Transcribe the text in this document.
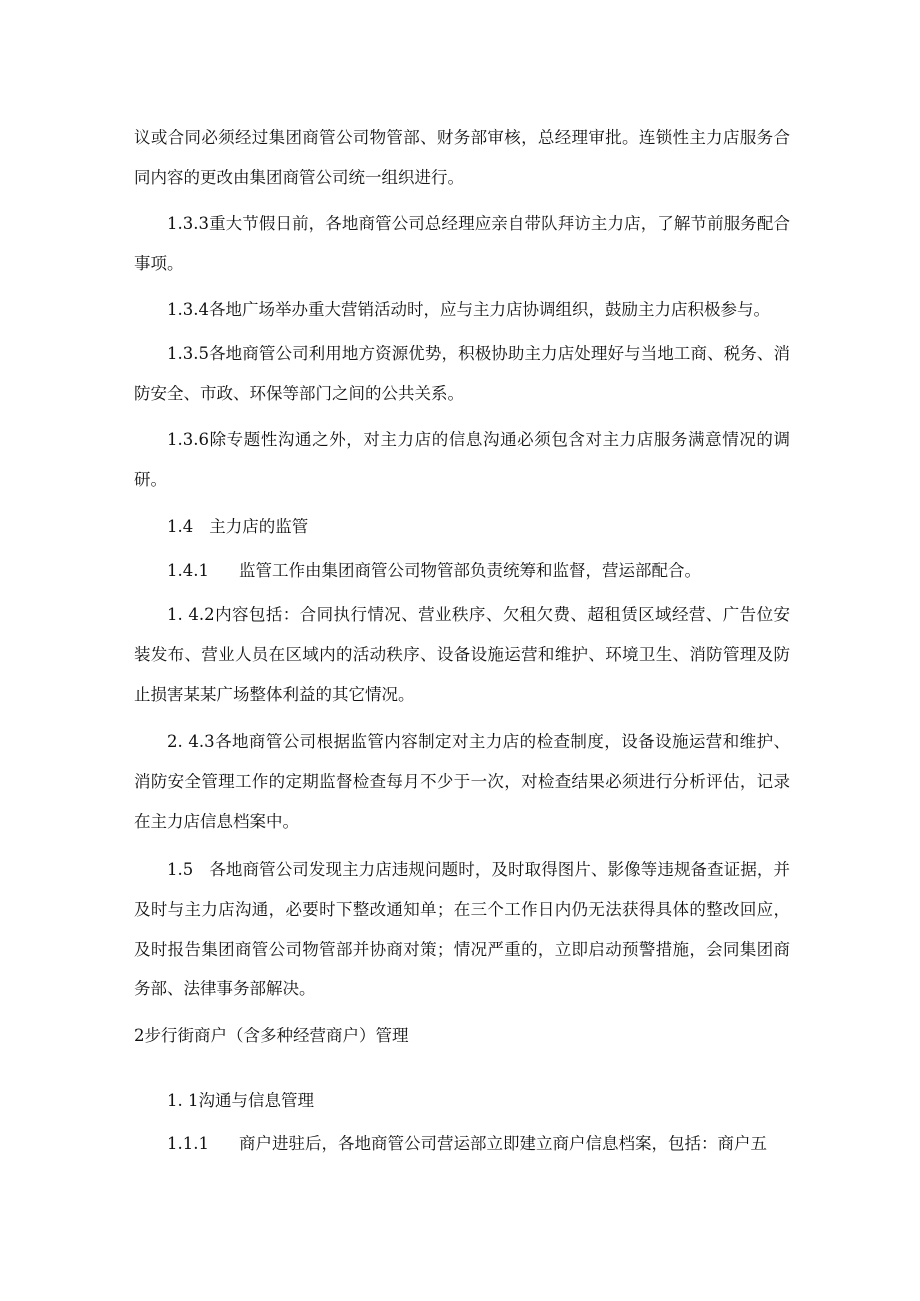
议或合同必须经过集团商管公司物管部、财务部审核，总经理审批。连锁性主力店服务合同内容的更改由集团商管公司统一组织进行。

1.3.3重大节假日前，各地商管公司总经理应亲自带队拜访主力店，了解节前服务配合事项。

1.3.4各地广场举办重大营销活动时，应与主力店协调组织，鼓励主力店积极参与。

1.3.5各地商管公司利用地方资源优势，积极协助主力店处理好与当地工商、税务、消防安全、市政、环保等部门之间的公共关系。

1.3.6除专题性沟通之外，对主力店的信息沟通必须包含对主力店服务满意情况的调研。

1.4 主力店的监管

1.4.1 监管工作由集团商管公司物管部负责统筹和监督，营运部配合。

1. 4.2内容包括：合同执行情况、营业秩序、欠租欠费、超租赁区域经营、广告位安装发布、营业人员在区域内的活动秩序、设备设施运营和维护、环境卫生、消防管理及防止损害某某广场整体利益的其它情况。

2. 4.3各地商管公司根据监管内容制定对主力店的检查制度，设备设施运营和维护、消防安全管理工作的定期监督检查每月不少于一次，对检查结果必须进行分析评估，记录在主力店信息档案中。

1.5 各地商管公司发现主力店违规问题时，及时取得图片、影像等违规备查证据，并及时与主力店沟通，必要时下整改通知单；在三个工作日内仍无法获得具体的整改回应，及时报告集团商管公司物管部并协商对策；情况严重的，立即启动预警措施，会同集团商务部、法律事务部解决。

2步行街商户（含多种经营商户）管理

1. 1沟通与信息管理

1.1.1 商户进驻后，各地商管公司营运部立即建立商户信息档案，包括：商户五
